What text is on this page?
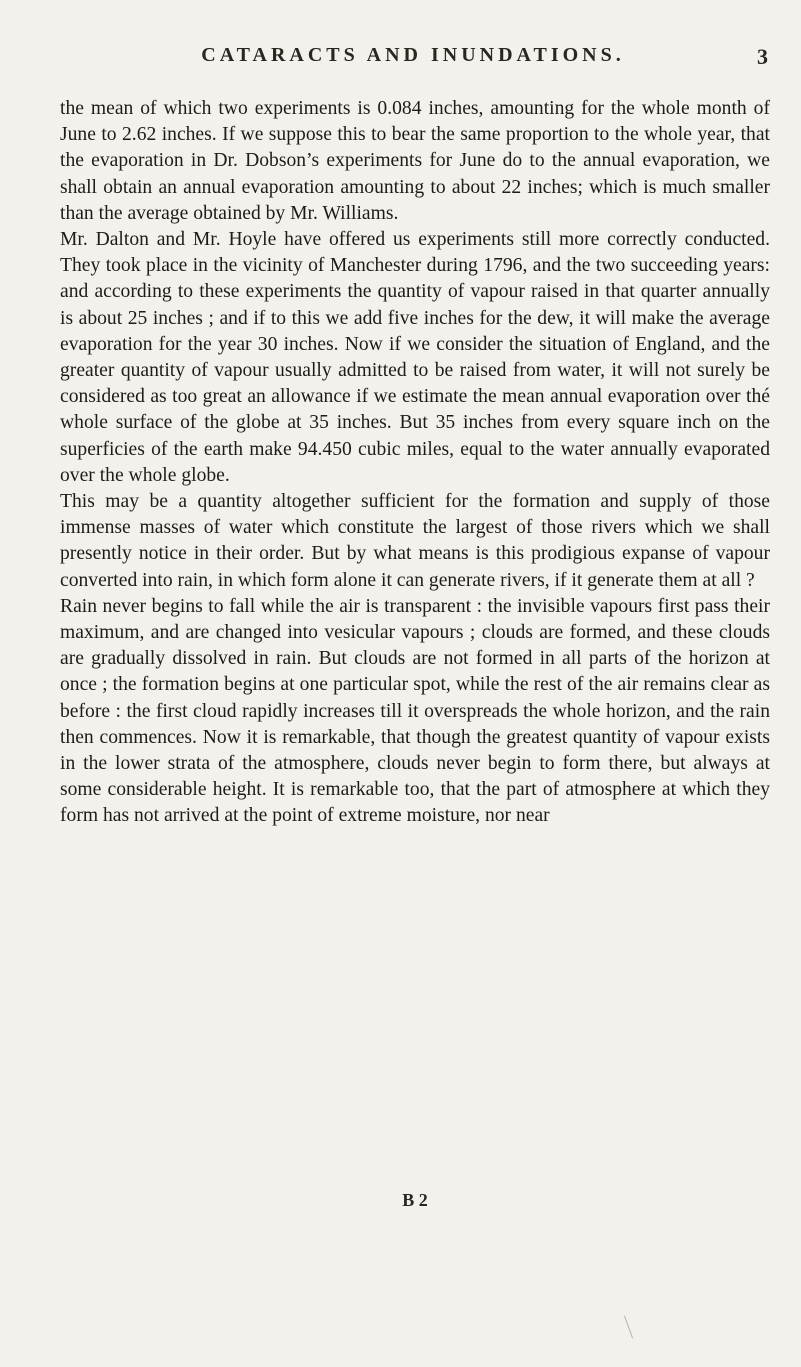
CATARACTS AND INUNDATIONS.	3

the mean of which two experiments is 0.084 inches, amounting for the whole month of June to 2.62 inches. If we suppose this to bear the same proportion to the whole year, that the evaporation in Dr. Dobson’s experiments for June do to the annual evaporation, we shall obtain an annual evaporation amounting to about 22 inches; which is much smaller than the average obtained by Mr. Williams.

Mr. Dalton and Mr. Hoyle have offered us experiments still more correctly conducted. They took place in the vicinity of Manchester during 1796, and the two succeeding years: and according to these experiments the quantity of vapour raised in that quarter annually is about 25 inches ; and if to this we add five inches for the dew, it will make the average evaporation for the year 30 inches. Now if we consider the situation of England, and the greater quantity of vapour usually admitted to be raised from water, it will not surely be considered as too great an allowance if we estimate the mean annual evaporation over thé whole surface of the globe at 35 inches. But 35 inches from every square inch on the superficies of the earth make 94.450 cubic miles, equal to the water annually evaporated over the whole globe.

This may be a quantity altogether sufficient for the formation and supply of those immense masses of water which constitute the largest of those rivers which we shall presently notice in their order. But by what means is this prodigious expanse of vapour converted into rain, in which form alone it can generate rivers, if it generate them at all ?

Rain never begins to fall while the air is transparent : the invisible vapours first pass their maximum, and are changed into vesicular vapours ; clouds are formed, and these clouds are gradually dissolved in rain. But clouds are not formed in all parts of the horizon at once ; the formation begins at one particular spot, while the rest of the air remains clear as before : the first cloud rapidly increases till it overspreads the whole horizon, and the rain then commences. Now it is remarkable, that though the greatest quantity of vapour exists in the lower strata of the atmosphere, clouds never begin to form there, but always at some considerable height. It is remarkable too, that the part of atmosphere at which they form has not arrived at the point of extreme moisture, nor near

B 2
